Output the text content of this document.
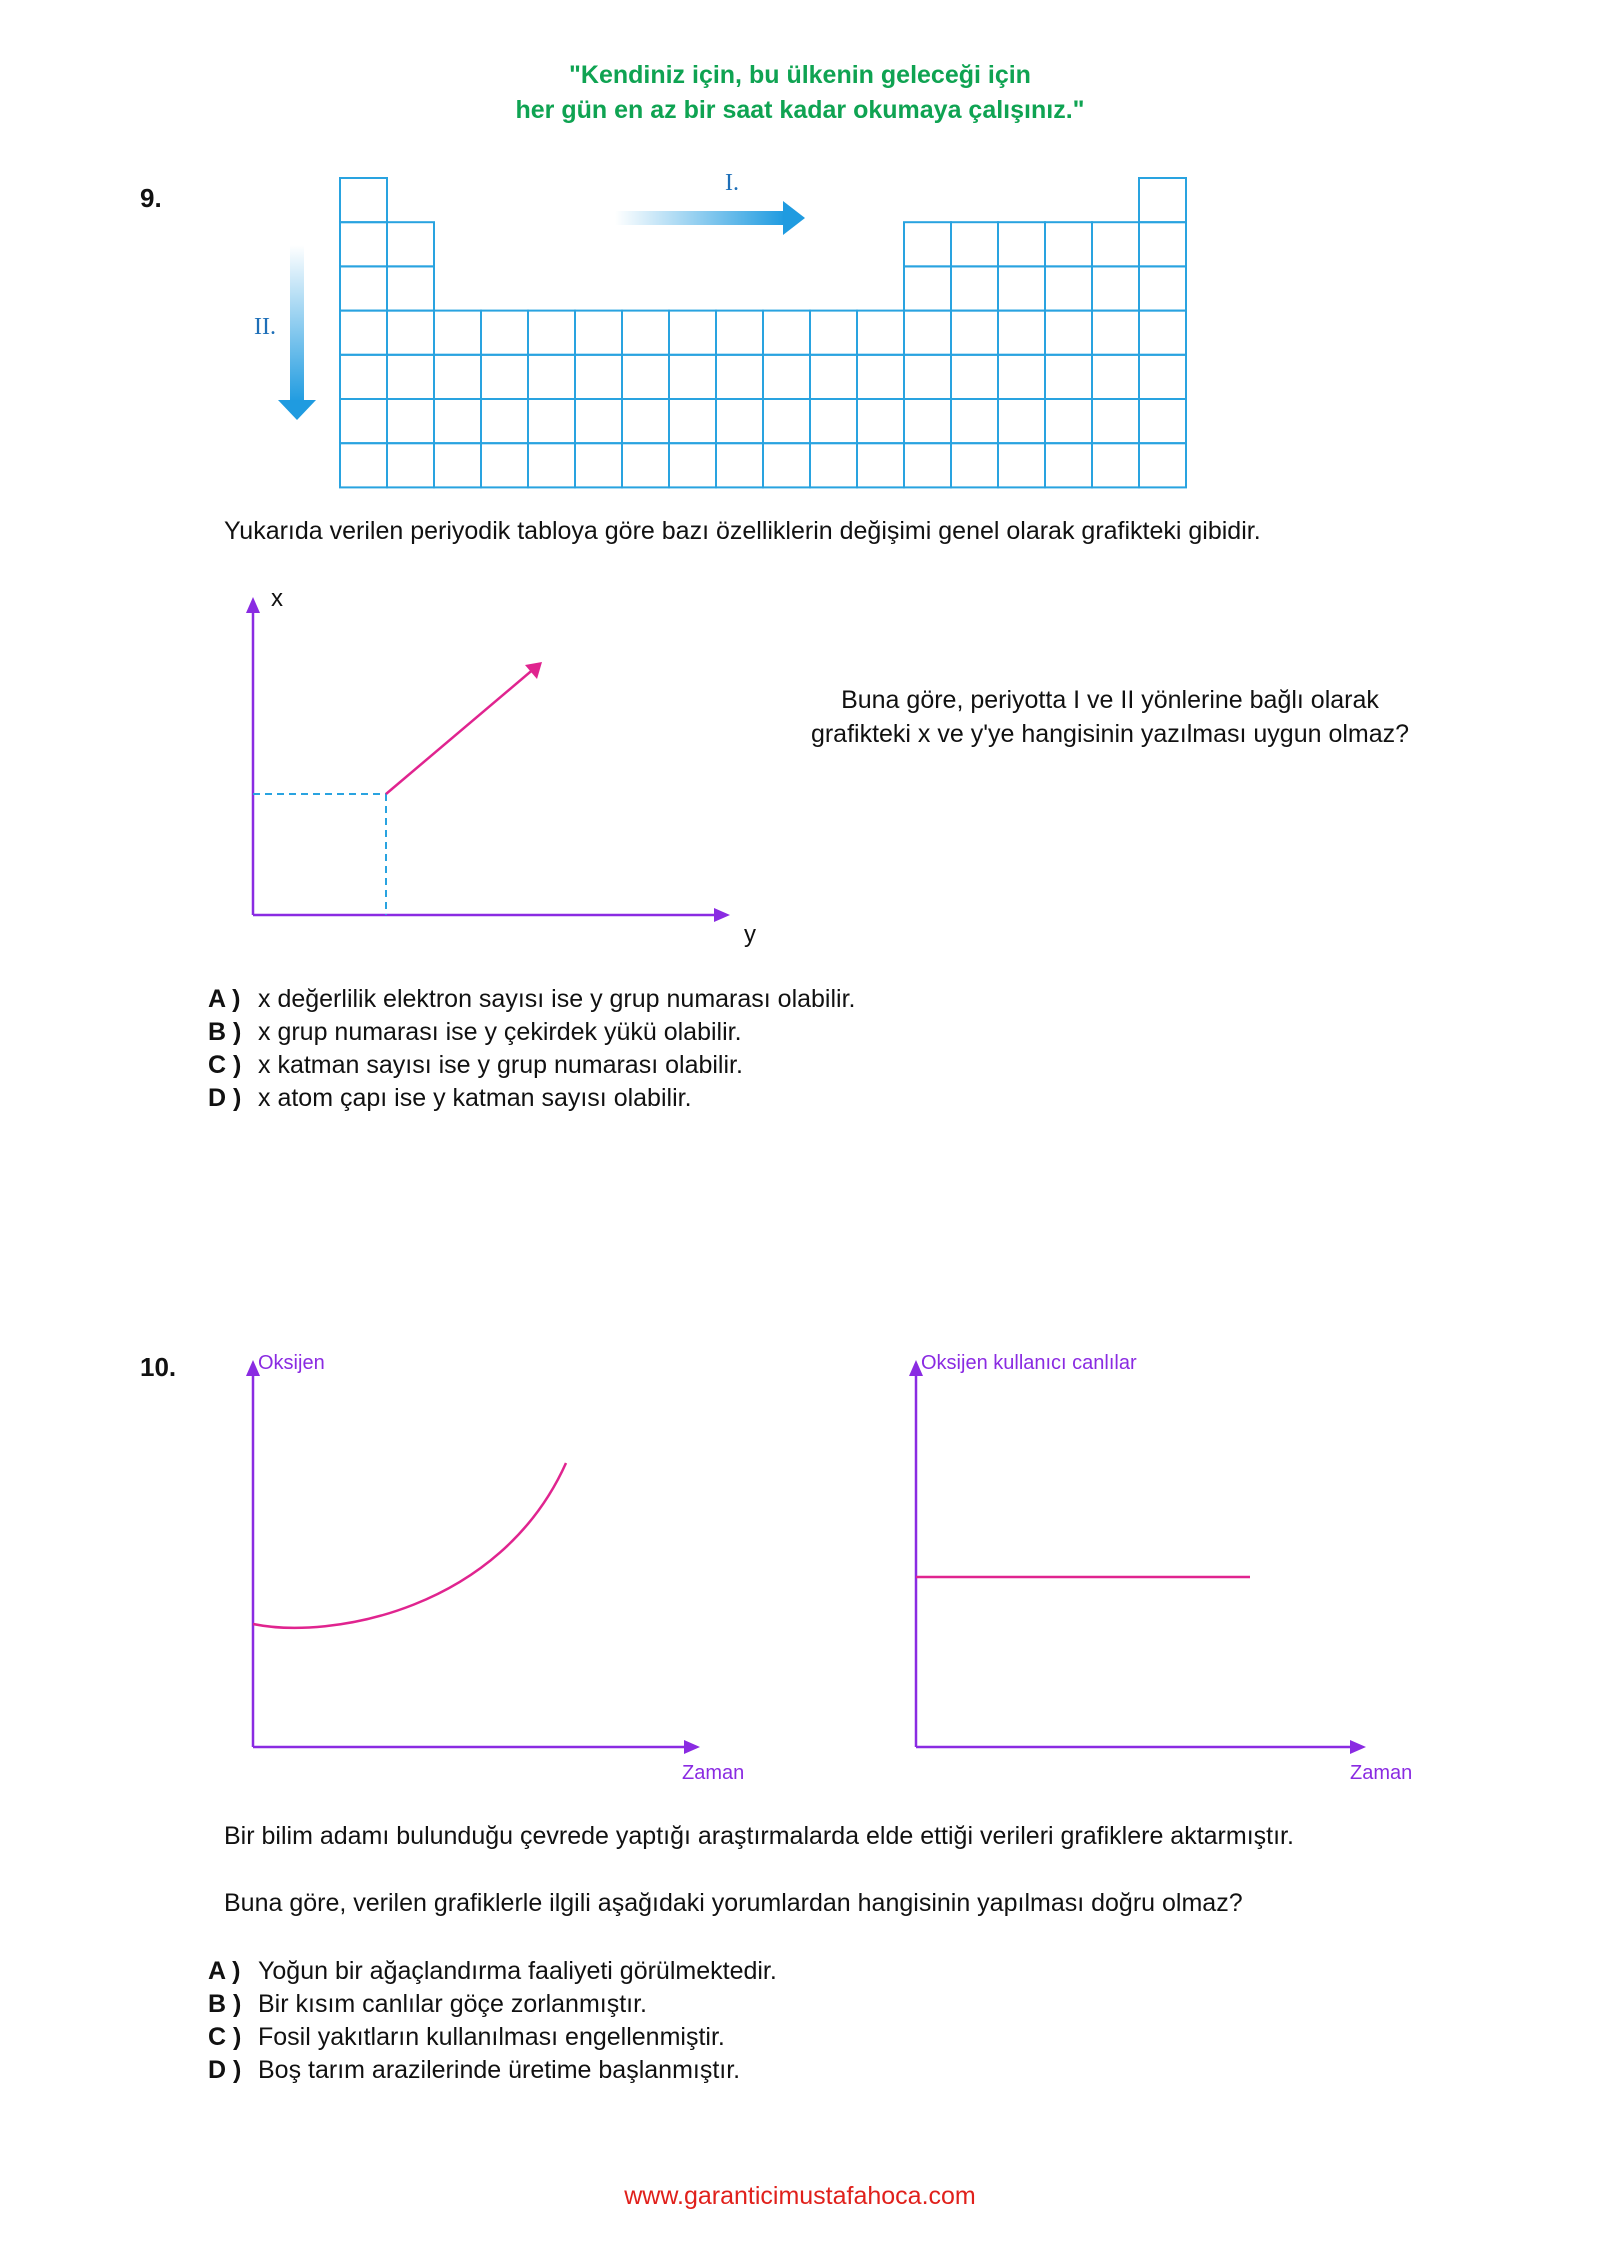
"Kendiniz için, bu ülkenin geleceği için
her gün en az bir saat kadar okumaya çalışınız."
9.	I.
II.
Yukarıda verilen periyodik tabloya göre bazı özelliklerin değişimi genel olarak grafikteki gibidir.
x
y
Buna göre, periyotta I ve II yönlerine bağlı olarak
grafikteki x ve y'ye hangisinin yazılması uygun olmaz?
A ) x değerlilik elektron sayısı ise y grup numarası olabilir.
B ) x grup numarası ise y çekirdek yükü olabilir.
C ) x katman sayısı ise y grup numarası olabilir.
D ) x atom çapı ise y katman sayısı olabilir.
10.	Oksijen
Zaman
Oksijen kullanıcı canlılar
Zaman
Bir bilim adamı bulunduğu çevrede yaptığı araştırmalarda elde ettiği verileri grafiklere aktarmıştır.
Buna göre, verilen grafiklerle ilgili aşağıdaki yorumlardan hangisinin yapılması doğru olmaz?
A ) Yoğun bir ağaçlandırma faaliyeti görülmektedir.
B ) Bir kısım canlılar göçe zorlanmıştır.
C ) Fosil yakıtların kullanılması engellenmiştir.
D ) Boş tarım arazilerinde üretime başlanmıştır.
www.garanticimustafahoca.com
